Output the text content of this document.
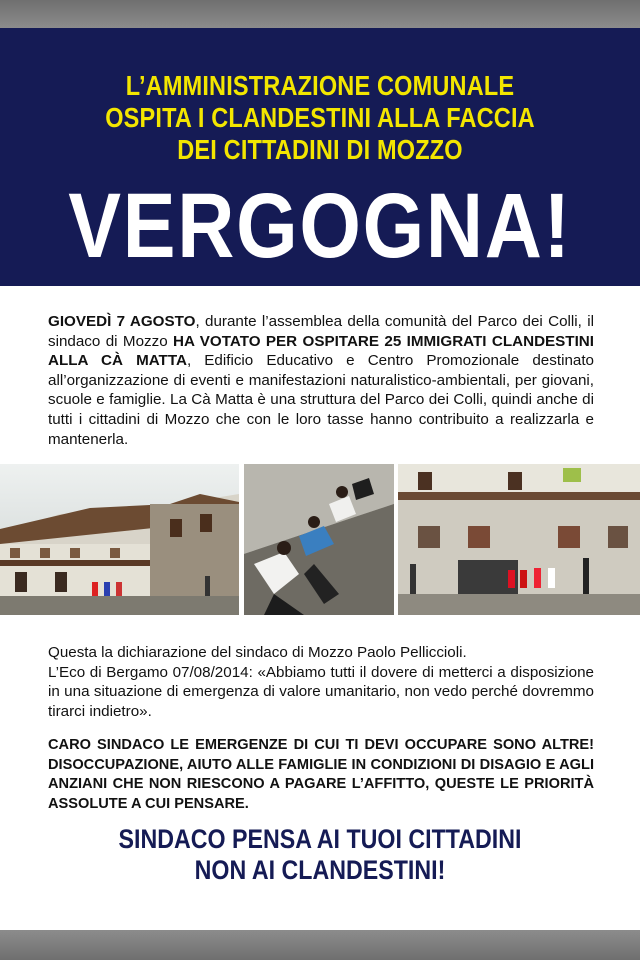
L’AMMINISTRAZIONE COMUNALE
OSPITA I CLANDESTINI ALLA FACCIA
DEI CITTADINI DI MOZZO
VERGOGNA!
GIOVEDÌ 7 AGOSTO, durante l’assemblea della comunità del Parco dei Colli, il sindaco di Mozzo HA VOTATO PER OSPITARE 25 IMMIGRATI CLANDESTINI ALLA CÀ MATTA, Edificio Educativo e Centro Promozionale destinato all’organizzazione di eventi e manifestazioni naturalistico-ambientali, per giovani, scuole e famiglie. La Cà Matta è una struttura del Parco dei Colli, quindi anche di tutti i cittadini di Mozzo che con le loro tasse hanno contribuito a realizzarla e mantenerla.

Questa la dichiarazione del sindaco di Mozzo Paolo Pelliccioli.

L’Eco di Bergamo 07/08/2014: «Abbiamo tutti il dovere di metterci a disposizione in una situazione di emergenza di valore umanitario, non vedo perché dovremmo tirarci indietro».

CARO SINDACO LE EMERGENZE DI CUI TI DEVI OCCUPARE SONO ALTRE! DISOCCUPAZIONE, AIUTO ALLE FAMIGLIE IN CONDIZIONI DI DISAGIO E AGLI ANZIANI CHE NON RIESCONO A PAGARE L’AFFITTO, QUESTE LE PRIORITÀ ASSOLUTE A CUI PENSARE.
SINDACO PENSA AI TUOI CITTADINI
NON AI CLANDESTINI!
